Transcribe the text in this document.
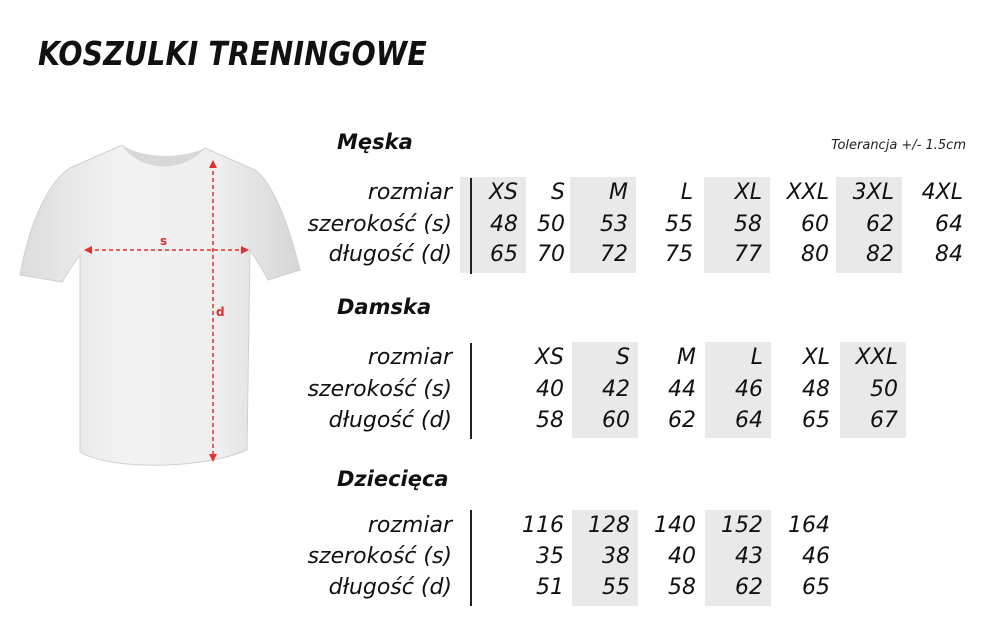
KOSZULKI TRENINGOWE
s
d
Tolerancja +/- 1.5cm
Męska
rozmiar XS S M L XL XXL 3XL 4XL
szerokość (s) 48 50 53 55 58 60 62 64
długość (d) 65 70 72 75 77 80 82 84
Damska
rozmiar	XS S M L XL XXL
szerokość (s)	40 42 44 46 48 50
długość (d)	58 60 62 64 65 67
Dziecięca
rozmiar	116 128 140 152 164
szerokość (s)	35 38 40 43 46
długość (d)	51 55 58 62 65
